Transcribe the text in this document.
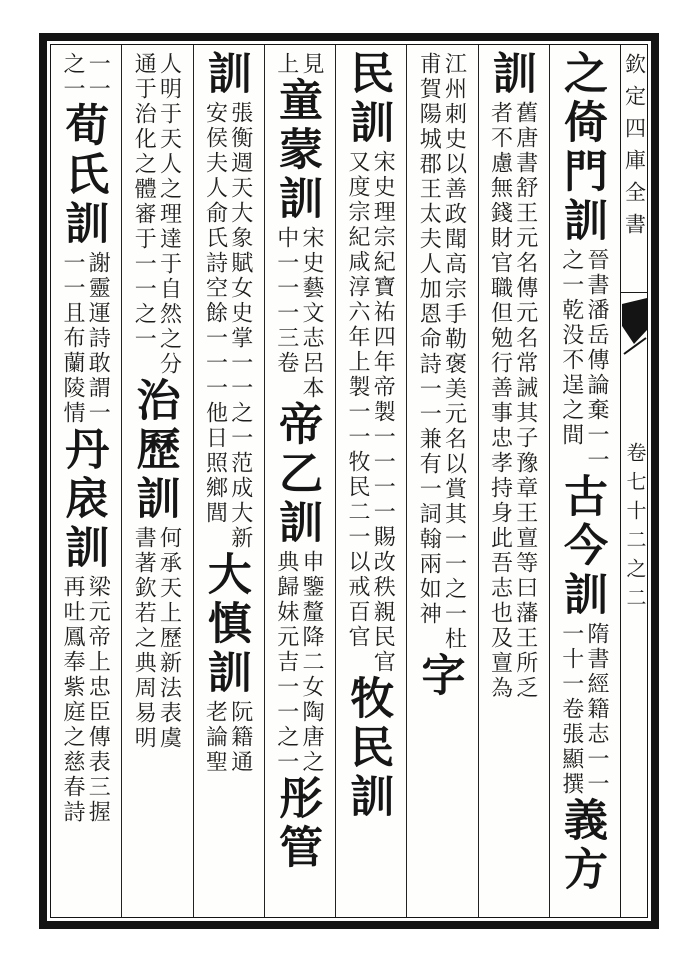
欽定四庫全書
卷七十二之二
之倚門訓
晉書潘岳傳論棄一一
之一乾没不逞之間
古今訓
隋書經籍志一一
一十一卷張顯撰
義方
訓
舊唐書舒王元名傳元名常誡其子豫章王亶等曰藩王所乏
者不慮無錢財官職但勉行善事忠孝持身此吾志也及亶為
江州刺史以善政聞高宗手勒褒美元名以賞其一一之一杜
甫賀陽城郡王太夫人加恩命詩一一兼有一詞翰兩如神
字
民訓
宋史理宗紀寶祐四年帝製一一一一賜改秩親民官
又度宗紀咸淳六年上製一一牧民二一以戒百官
牧民訓
見
上
童蒙訓
宋史藝文志呂本
中一一一三卷
帝乙訓
申鑒釐降二女陶唐之
典歸妹元吉一一之一
彤管
訓
張衡週天大象賦女史掌一一之一范成大新
安侯夫人俞氏詩空餘一一一他日照鄉閭
大慎訓
阮籍通
老論聖
人明于天人之理達于自然之分
通于治化之體審于一一之一
治歷訓
何承天上歷新法表虞
書著欽若之典周易明
一一
之一
荀氏訓
謝靈運詩敢謂一
一一且布蘭陵情
丹扆訓
梁元帝上忠臣傳表三握
再吐鳳奉紫庭之慈春詩
